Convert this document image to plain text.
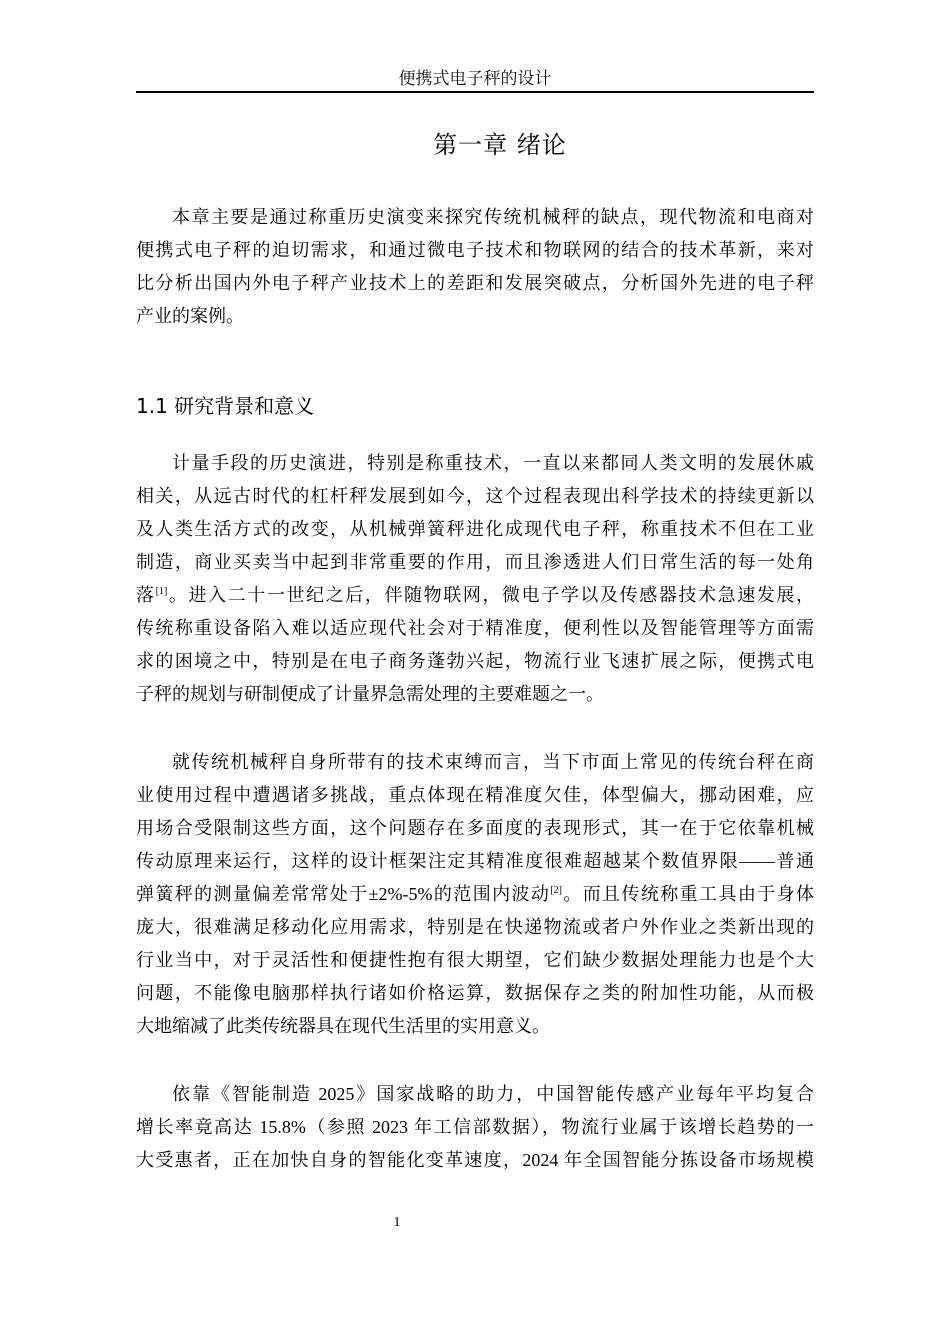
便携式电子秤的设计
第一章 绪论
本章主要是通过称重历史演变来探究传统机械秤的缺点，现代物流和电商对
便携式电子秤的迫切需求，和通过微电子技术和物联网的结合的技术革新，来对
比分析出国内外电子秤产业技术上的差距和发展突破点，分析国外先进的电子秤
产业的案例。
1.1 研究背景和意义
计量手段的历史演进，特别是称重技术，一直以来都同人类文明的发展休戚
相关，从远古时代的杠杆秤发展到如今，这个过程表现出科学技术的持续更新以
及人类生活方式的改变，从机械弹簧秤进化成现代电子秤，称重技术不但在工业
制造，商业买卖当中起到非常重要的作用，而且渗透进人们日常生活的每一处角
落[1]。进入二十一世纪之后，伴随物联网，微电子学以及传感器技术急速发展，
传统称重设备陷入难以适应现代社会对于精准度，便利性以及智能管理等方面需
求的困境之中，特别是在电子商务蓬勃兴起，物流行业飞速扩展之际，便携式电
子秤的规划与研制便成了计量界急需处理的主要难题之一。
就传统机械秤自身所带有的技术束缚而言，当下市面上常见的传统台秤在商
业使用过程中遭遇诸多挑战，重点体现在精准度欠佳，体型偏大，挪动困难，应
用场合受限制这些方面，这个问题存在多面度的表现形式，其一在于它依靠机械
传动原理来运行，这样的设计框架注定其精准度很难超越某个数值界限——普通
弹簧秤的测量偏差常常处于±2%-5%的范围内波动[2]。而且传统称重工具由于身体
庞大，很难满足移动化应用需求，特别是在快递物流或者户外作业之类新出现的
行业当中，对于灵活性和便捷性抱有很大期望，它们缺少数据处理能力也是个大
问题，不能像电脑那样执行诸如价格运算，数据保存之类的附加性功能，从而极
大地缩减了此类传统器具在现代生活里的实用意义。
依靠《智能制造 2025》国家战略的助力，中国智能传感产业每年平均复合
增长率竟高达 15.8%（参照 2023 年工信部数据），物流行业属于该增长趋势的一
大受惠者，正在加快自身的智能化变革速度，2024 年全国智能分拣设备市场规模
1
